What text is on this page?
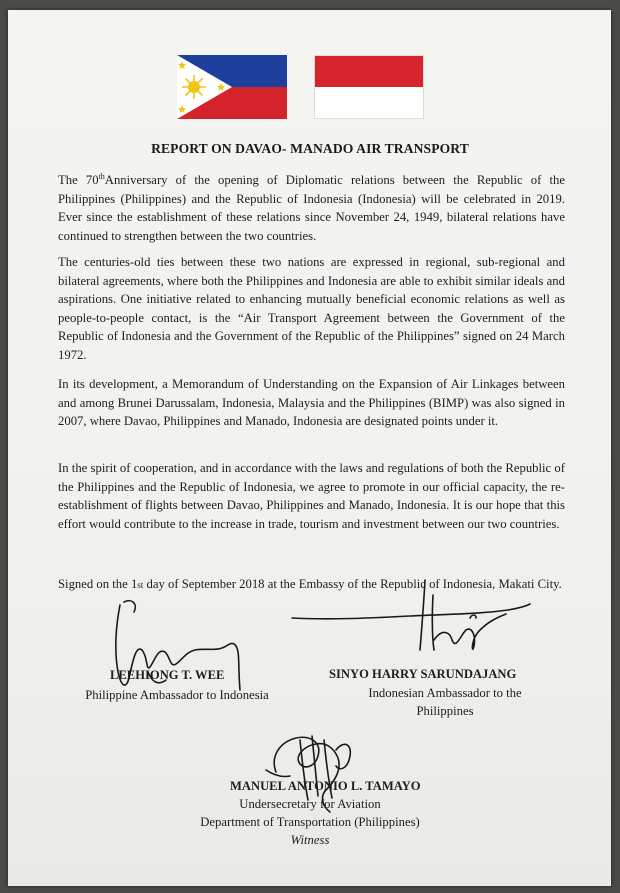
REPORT ON DAVAO- MANADO AIR TRANSPORT

The 70thAnniversary of the opening of Diplomatic relations between the Republic of the Philippines (Philippines) and the Republic of Indonesia (Indonesia) will be celebrated in 2019. Ever since the establishment of these relations since November 24, 1949, bilateral relations have continued to strengthen between the two countries.

The centuries-old ties between these two nations are expressed in regional, sub-regional and bilateral agreements, where both the Philippines and Indonesia are able to exhibit similar ideals and aspirations. One initiative related to enhancing mutually beneficial economic relations as well as people-to-people contact, is the “Air Transport Agreement between the Government of the Republic of Indonesia and the Government of the Republic of the Philippines” signed on 24 March 1972.

In its development, a Memorandum of Understanding on the Expansion of Air Linkages between and among Brunei Darussalam, Indonesia, Malaysia and the Philippines (BIMP) was also signed in 2007, where Davao, Philippines and Manado, Indonesia are designated points under it.

In the spirit of cooperation, and in accordance with the laws and regulations of both the Republic of the Philippines and the Republic of Indonesia, we agree to promote in our official capacity, the re-establishment of flights between Davao, Philippines and Manado, Indonesia. It is our hope that this effort would contribute to the increase in trade, tourism and investment between our two countries.

Signed on the 1st day of September 2018 at the Embassy of the Republic of Indonesia, Makati City.

LEEHIONG T. WEE
Philippine Ambassador to Indonesia
SINYO HARRY SARUNDAJANG
Indonesian Ambassador to the
Philippines
MANUEL ANTONIO L. TAMAYO
Undersecretary for Aviation
Department of Transportation (Philippines)
Witness
